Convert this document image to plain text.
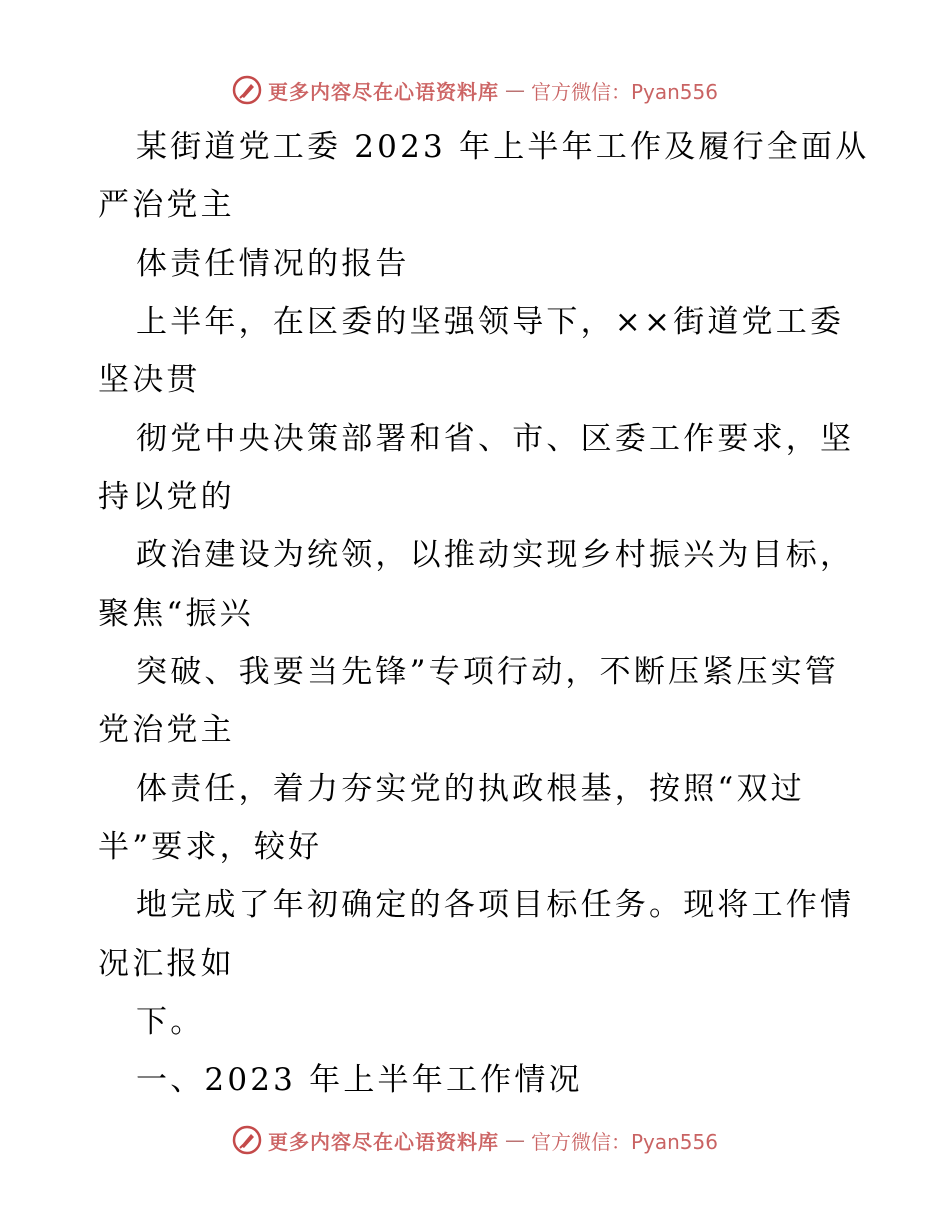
更多内容尽在心语资料库 — 官方微信：Pyan556
某街道党工委 2023 年上半年工作及履行全面从
严治党主
体责任情况的报告
上半年，在区委的坚强领导下，××街道党工委
坚决贯
彻党中央决策部署和省、市、区委工作要求，坚
持以党的
政治建设为统领，以推动实现乡村振兴为目标，
聚焦“振兴
突破、我要当先锋”专项行动，不断压紧压实管
党治党主
体责任，着力夯实党的执政根基，按照“双过
半”要求，较好
地完成了年初确定的各项目标任务。现将工作情
况汇报如
下。
一、2023 年上半年工作情况
更多内容尽在心语资料库 — 官方微信：Pyan556
